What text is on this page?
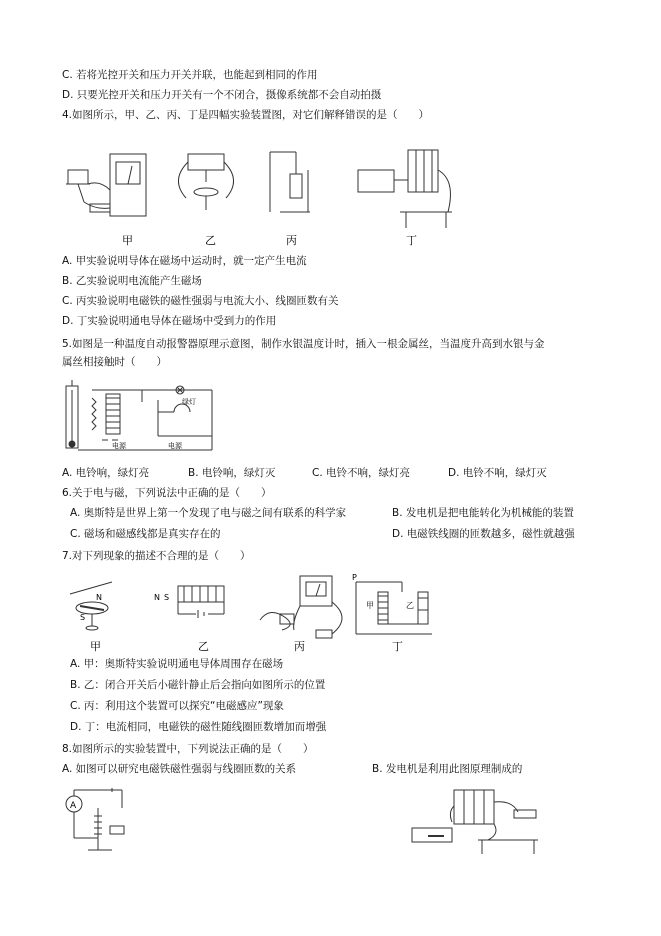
C. 若将光控开关和压力开关并联，也能起到相同的作用
D. 只要光控开关和压力开关有一个不闭合，摄像系统都不会自动拍摄
4.如图所示，甲、乙、丙、丁是四幅实验装置图，对它们解释错误的是（　　）
甲	乙	丙	丁
A. 甲实验说明导体在磁场中运动时，就一定产生电流
B. 乙实验说明电流能产生磁场
C. 丙实验说明电磁铁的磁性强弱与电流大小、线圈匝数有关
D. 丁实验说明通电导体在磁场中受到力的作用
5.如图是一种温度自动报警器原理示意图，制作水银温度计时，插入一根金属丝，当温度升高到水银与金
属丝相接触时（　　）
绿灯
电源	电源
A. 电铃响，绿灯亮	B. 电铃响，绿灯灭	C. 电铃不响，绿灯亮	D. 电铃不响，绿灯灭
6.关于电与磁，下列说法中正确的是（　　）
A. 奥斯特是世界上第一个发现了电与磁之间有联系的科学家	B. 发电机是把电能转化为机械能的装置
C. 磁场和磁感线都是真实存在的	D. 电磁铁线圈的匝数越多，磁性就越强
7.对下列现象的描述不合理的是（　　）
N
S
N S
P
甲	乙
甲	乙	丙	丁
A. 甲：奥斯特实验说明通电导体周围存在磁场
B. 乙：闭合开关后小磁针静止后会指向如图所示的位置
C. 丙：利用这个装置可以探究“电磁感应”现象
D. 丁：电流相同，电磁铁的磁性随线圈匝数增加而增强
8.如图所示的实验装置中，下列说法正确的是（　　）
A. 如图可以研究电磁铁磁性强弱与线圈匝数的关系	B. 发电机是利用此图原理制成的
A
